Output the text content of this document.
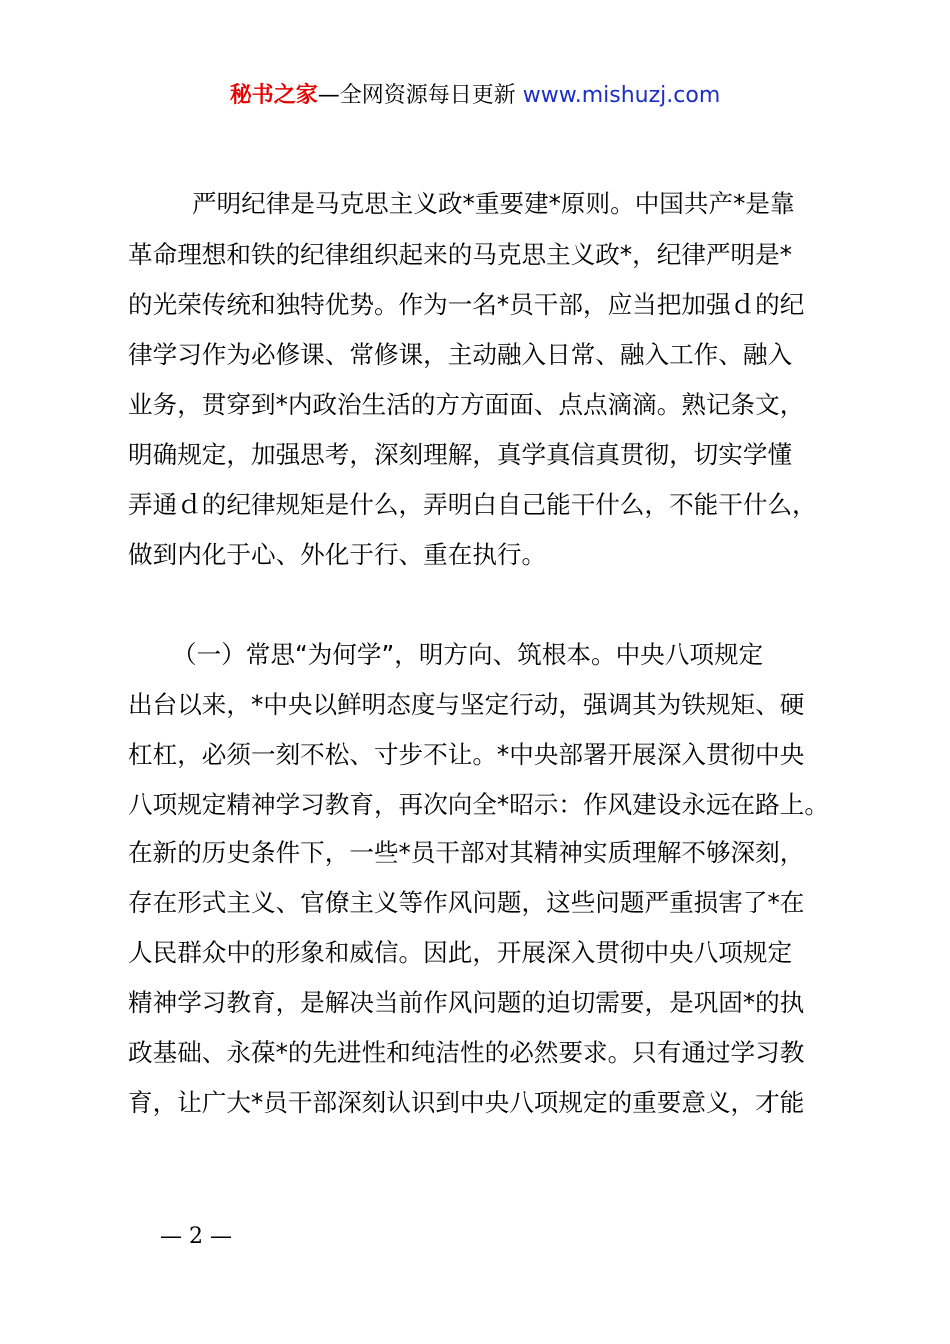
秘书之家—全网资源每日更新 www.mishuzj.com
严明纪律是马克思主义政*重要建*原则。中国共产*是靠
革命理想和铁的纪律组织起来的马克思主义政*，纪律严明是*
的光荣传统和独特优势。作为一名*员干部，应当把加强ｄ的纪
律学习作为必修课、常修课，主动融入日常、融入工作、融入
业务，贯穿到*内政治生活的方方面面、点点滴滴。熟记条文，
明确规定，加强思考，深刻理解，真学真信真贯彻，切实学懂
弄通ｄ的纪律规矩是什么，弄明白自己能干什么，不能干什么，
做到内化于心、外化于行、重在执行。
（一）常思“为何学”，明方向、筑根本。中央八项规定
出台以来，*中央以鲜明态度与坚定行动，强调其为铁规矩、硬
杠杠，必须一刻不松、寸步不让。*中央部署开展深入贯彻中央
八项规定精神学习教育，再次向全*昭示：作风建设永远在路上。
在新的历史条件下，一些*员干部对其精神实质理解不够深刻，
存在形式主义、官僚主义等作风问题，这些问题严重损害了*在
人民群众中的形象和威信。因此，开展深入贯彻中央八项规定
精神学习教育，是解决当前作风问题的迫切需要，是巩固*的执
政基础、永葆*的先进性和纯洁性的必然要求。只有通过学习教
育，让广大*员干部深刻认识到中央八项规定的重要意义，才能
— 2 —
